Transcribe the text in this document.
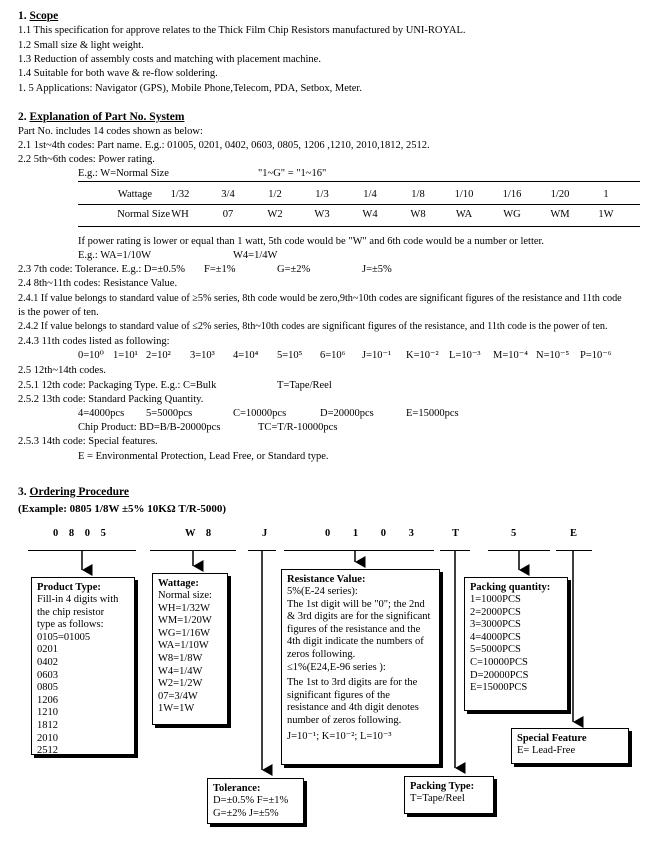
1. Scope
1.1 This specification for approve relates to the Thick Film Chip Resistors manufactured by UNI-ROYAL.
1.2 Small size & light weight.
1.3 Reduction of assembly costs and matching with placement machine.
1.4 Suitable for both wave & re-flow soldering.
1. 5 Applications: Navigator (GPS), Mobile Phone,Telecom, PDA, Setbox, Meter.
2. Explanation of Part No. System
Part No. includes 14 codes shown as below:
2.1 1st~4th codes: Part name. E.g.: 01005, 0201, 0402, 0603, 0805, 1206 ,1210, 2010,1812, 2512.
2.2 5th~6th codes: Power rating.
E.g.: W=Normal Size	"1~G" = "1~16"
Wattage	1/32	3/4	1/2	1/3	1/4	1/8	1/10	1/16	1/20	1
Normal Size WH	07	W2	W3	W4	W8	WA	WG	WM	1W
If power rating is lower or equal than 1 watt, 5th code would be "W" and 6th code would be a number or letter.
E.g.: WA=1/10W	W4=1/4W
2.3 7th code: Tolerance. E.g.: D=±0.5% F=±1%	G=±2%	J=±5%
2.4 8th~11th codes: Resistance Value.
2.4.1 If value belongs to standard value of ≥5% series, 8th code would be zero,9th~10th codes are significant figures of the resistance and 11th code
is the power of ten.
2.4.2 If value belongs to standard value of ≤2% series, 8th~10th codes are significant figures of the resistance, and 11th code is the power of ten.
2.4.3 11th codes listed as following:
0=10⁰ 1=10¹ 2=10² 3=10³ 4=10⁴ 5=10⁵ 6=10⁶ J=10⁻¹ K=10⁻² L=10⁻³ M=10⁻⁴ N=10⁻⁵ P=10⁻⁶
2.5 12th~14th codes.
2.5.1 12th code: Packaging Type. E.g.: C=Bulk	T=Tape/Reel
2.5.2 13th code: Standard Packing Quantity.
4=4000pcs 5=5000pcs	C=10000pcs	D=20000pcs	E=15000pcs
Chip Product: BD=B/B-20000pcs	TC=T/R-10000pcs
2.5.3 14th code: Special features.
E = Environmental Protection, Lead Free, or Standard type.
3. Ordering Procedure
(Example: 0805 1/8W ±5% 10KΩ T/R-5000)
0 8 0 5	W 8	J	0 1 0 3	T	5	E
Product Type:
Fill-in 4 digits with
the chip resistor
type as follows:
0105=01005
0201
0402
0603
0805
1206
1210
1812
2010
2512
Wattage:
Normal size:
WH=1/32W
WM=1/20W
WG=1/16W
WA=1/10W
W8=1/8W
W4=1/4W
W2=1/2W
07=3/4W
1W=1W
Resistance Value:
5%(E-24 series):
The 1st digit will be "0"; the 2nd
& 3rd digits are for the significant
figures of the resistance and the
4th digit indicate the numbers of
zeros following.
≤1%(E24,E-96 series ):
The 1st to 3rd digits are for the
significant figures of the
resistance and 4th digit denotes
number of zeros following.
J=10⁻¹; K=10⁻²; L=10⁻³
Packing quantity:
1=1000PCS
2=2000PCS
3=3000PCS
4=4000PCS
5=5000PCS
C=10000PCS
D=20000PCS
E=15000PCS
Special Feature
E= Lead-Free
Tolerance:
D=±0.5% F=±1%
G=±2% J=±5%
Packing Type:
T=Tape/Reel
